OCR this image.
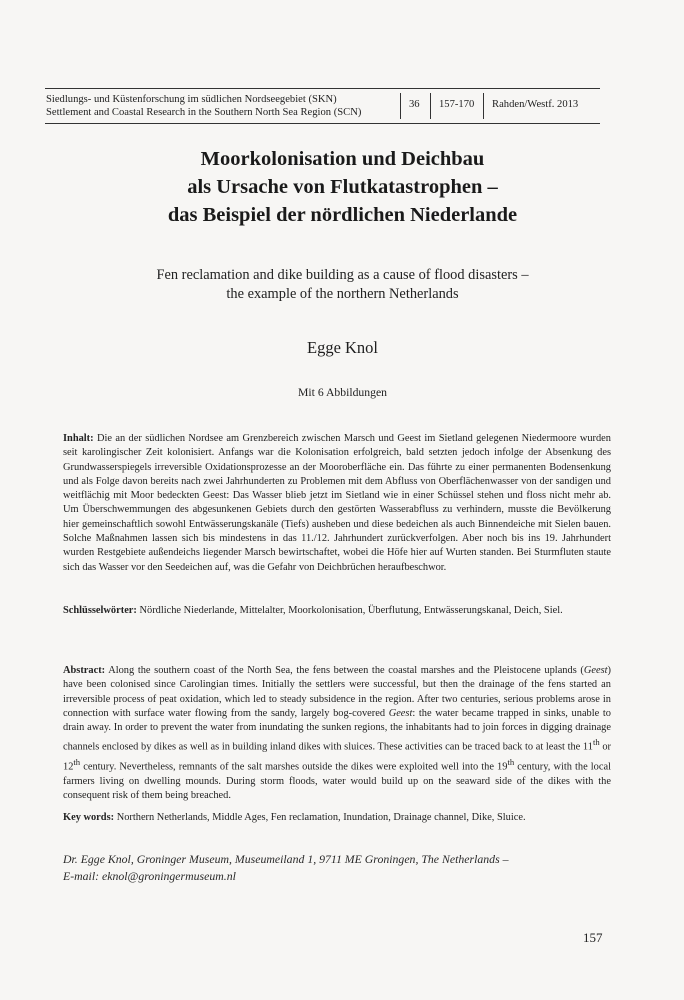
Siedlungs- und Küstenforschung im südlichen Nordseegebiet (SKN)
Settlement and Coastal Research in the Southern North Sea Region (SCN)
36 157-170 Rahden/Westf. 2013
Moorkolonisation und Deichbau
als Ursache von Flutkatastrophen –
das Beispiel der nördlichen Niederlande
Fen reclamation and dike building as a cause of flood disasters –
the example of the northern Netherlands
Egge Knol
Mit 6 Abbildungen
Inhalt: Die an der südlichen Nordsee am Grenzbereich zwischen Marsch und Geest im Sietland gelegenen Niedermoore wurden seit karolingischer Zeit kolonisiert. Anfangs war die Kolonisation erfolgreich, bald setzten jedoch infolge der Absenkung des Grundwasserspiegels irreversible Oxidationsprozesse an der Mooroberfläche ein. Das führte zu einer permanenten Bodensenkung und als Folge davon bereits nach zwei Jahrhunderten zu Problemen mit dem Abfluss von Oberflächenwasser von der sandigen und weitflächig mit Moor bedeckten Geest: Das Wasser blieb jetzt im Sietland wie in einer Schüssel stehen und floss nicht mehr ab. Um Überschwemmungen des abgesunkenen Gebiets durch den gestörten Wasserabfluss zu verhindern, musste die Bevölkerung hier gemeinschaftlich sowohl Entwässerungskanäle (Tiefs) ausheben und diese bedeichen als auch Binnendeiche mit Sielen bauen. Solche Maßnahmen lassen sich bis mindestens in das 11./12. Jahrhundert zurückverfolgen. Aber noch bis ins 19. Jahrhundert wurden Restgebiete außendeichs liegender Marsch bewirtschaftet, wobei die Höfe hier auf Wurten standen. Bei Sturmfluten staute sich das Wasser vor den Seedeichen auf, was die Gefahr von Deichbrüchen heraufbeschwor.
Schlüsselwörter: Nördliche Niederlande, Mittelalter, Moorkolonisation, Überflutung, Entwässerungskanal, Deich, Siel.
Abstract: Along the southern coast of the North Sea, the fens between the coastal marshes and the Pleistocene uplands (Geest) have been colonised since Carolingian times. Initially the settlers were successful, but then the drainage of the fens started an irreversible process of peat oxidation, which led to steady subsidence in the region. After two centuries, serious problems arose in connection with surface water flowing from the sandy, largely bog-covered Geest: the water became trapped in sinks, unable to drain away. In order to prevent the water from inundating the sunken regions, the inhabitants had to join forces in digging drainage channels enclosed by dikes as well as in building inland dikes with sluices. These activities can be traced back to at least the 11th or 12th century. Nevertheless, remnants of the salt marshes outside the dikes were exploited well into the 19th century, with the local farmers living on dwelling mounds. During storm floods, water would build up on the seaward side of the dikes with the consequent risk of them being breached.
Key words: Northern Netherlands, Middle Ages, Fen reclamation, Inundation, Drainage channel, Dike, Sluice.
Dr. Egge Knol, Groninger Museum, Museumeiland 1, 9711 ME Groningen, The Netherlands –
E-mail: eknol@groningermuseum.nl
157
